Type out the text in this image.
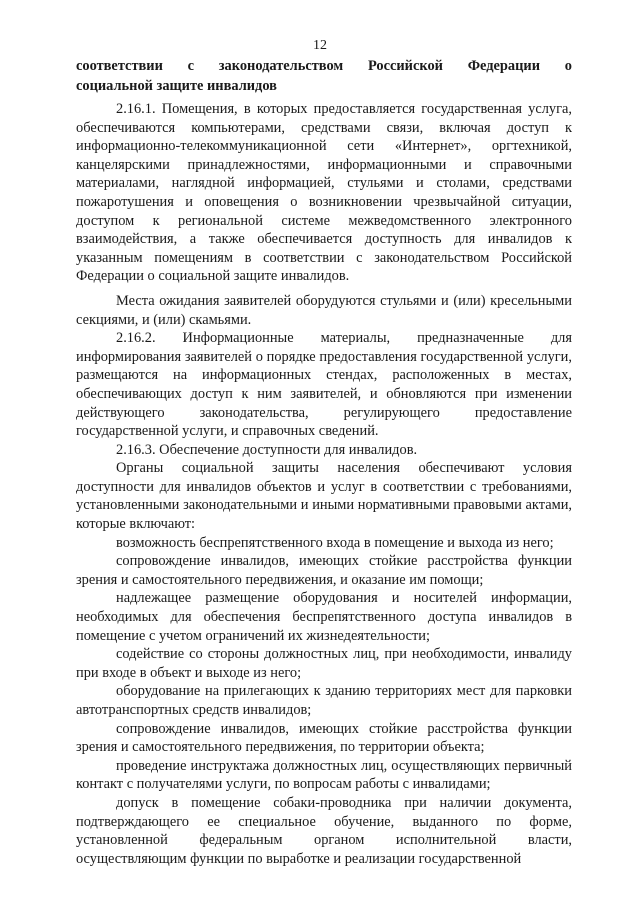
12
соответствии с законодательством Российской Федерации о
социальной защите инвалидов

2.16.1. Помещения, в которых предоставляется государственная услуга, обеспечиваются компьютерами, средствами связи, включая доступ к информационно-телекоммуникационной сети «Интернет», оргтехникой, канцелярскими принадлежностями, информационными и справочными материалами, наглядной информацией, стульями и столами, средствами пожаротушения и оповещения о возникновении чрезвычайной ситуации, доступом к региональной системе межведомственного электронного взаимодействия, а также обеспечивается доступность для инвалидов к указанным помещениям в соответствии с законодательством Российской Федерации о социальной защите инвалидов.

Места ожидания заявителей оборудуются стульями и (или) кресельными секциями, и (или) скамьями.

2.16.2. Информационные материалы, предназначенные для информирования заявителей о порядке предоставления государственной услуги, размещаются на информационных стендах, расположенных в местах, обеспечивающих доступ к ним заявителей, и обновляются при изменении действующего законодательства, регулирующего предоставление государственной услуги, и справочных сведений.

2.16.3. Обеспечение доступности для инвалидов.

Органы социальной защиты населения обеспечивают условия доступности для инвалидов объектов и услуг в соответствии с требованиями, установленными законодательными и иными нормативными правовыми актами, которые включают:

возможность беспрепятственного входа в помещение и выхода из него;

сопровождение инвалидов, имеющих стойкие расстройства функции зрения и самостоятельного передвижения, и оказание им помощи;

надлежащее размещение оборудования и носителей информации, необходимых для обеспечения беспрепятственного доступа инвалидов в помещение с учетом ограничений их жизнедеятельности;

содействие со стороны должностных лиц, при необходимости, инвалиду при входе в объект и выходе из него;

оборудование на прилегающих к зданию территориях мест для парковки автотранспортных средств инвалидов;

сопровождение инвалидов, имеющих стойкие расстройства функции зрения и самостоятельного передвижения, по территории объекта;

проведение инструктажа должностных лиц, осуществляющих первичный контакт с получателями услуги, по вопросам работы с инвалидами;

допуск в помещение собаки-проводника при наличии документа, подтверждающего ее специальное обучение, выданного по форме, установленной федеральным органом исполнительной власти, осуществляющим функции по выработке и реализации государственной
